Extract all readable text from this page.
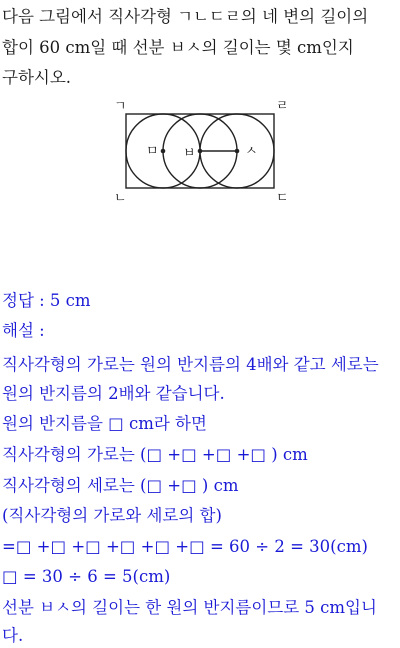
다음 그림에서 직사각형 ㄱㄴㄷㄹ의 네 변의 길이의
합이 60 cm일 때 선분 ㅂㅅ의 길이는 몇 cm인지
구하시오.
ㄱ	ㄹ
ㄴ	ㄷ
ㅁ ㅂ	ㅅ
정답 : 5 cm
해설 :
직사각형의 가로는 원의 반지름의 4배와 같고 세로는
원의 반지름의 2배와 같습니다.
원의 반지름을 □ cm라 하면
직사각형의 가로는 (□ +□ +□ +□ ) cm
직사각형의 세로는 (□ +□ ) cm
(직사각형의 가로와 세로의 합)
=□ +□ +□ +□ +□ +□ = 60 ÷ 2 = 30(cm)
□ = 30 ÷ 6 = 5(cm)
선분 ㅂㅅ의 길이는 한 원의 반지름이므로 5 cm입니
다.
